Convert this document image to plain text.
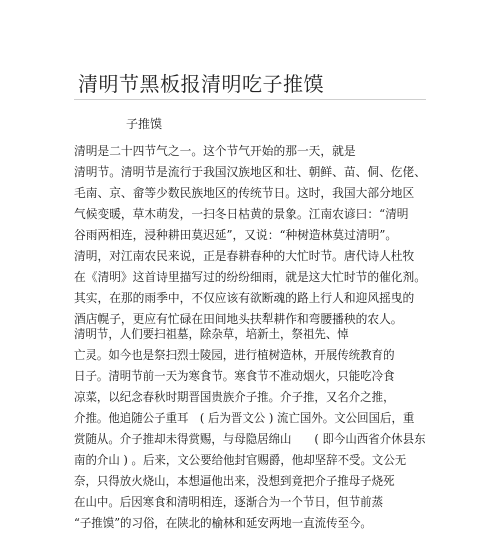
清明节黑板报清明吃子推馍
子推馍
清明是二十四节气之一。这个节气开始的那一天，就是
清明节。清明节是流行于我国汉族地区和壮、朝鲜、苗、侗、仡佬、
毛南、京、畲等少数民族地区的传统节日。这时，我国大部分地区
气候变暖，草木萌发，一扫冬日枯黄的景象。江南农谚曰：“清明
谷雨两相连，浸种耕田莫迟延”，又说：“种树造林莫过清明”。
清明，对江南农民来说，正是春耕春种的大忙时节。唐代诗人杜牧
在《清明》这首诗里描写过的纷纷细雨，就是这大忙时节的催化剂。
其实，在那的雨季中，不仅应该有欲断魂的路上行人和迎风摇曳的
酒店幌子，更应有忙碌在田间地头扶犁耕作和弯腰播秧的农人。
清明节，人们要扫祖墓，除杂草，培新土，祭祖先、悼
亡灵。如今也是祭扫烈士陵园，进行植树造林，开展传统教育的
日子。清明节前一天为寒食节。寒食节不准动烟火，只能吃冷食
凉菜，以纪念春秋时期晋国贵族介子推。介子推，又名介之推，
介推。他追随公子重耳　( 后为晋文公 ) 流亡国外。文公回国后，重
赏随从。介子推却未得赏赐，与母隐居绵山　　( 即今山西省介休县东
南的介山 ) 。后来，文公要给他封官赐爵，他却坚辞不受。文公无
奈，只得放火烧山，本想逼他出来，没想到竟把介子推母子烧死
在山中。后因寒食和清明相连，逐渐合为一个节日，但节前蒸
“子推馍”的习俗，在陕北的榆林和延安两地一直流传至今。
